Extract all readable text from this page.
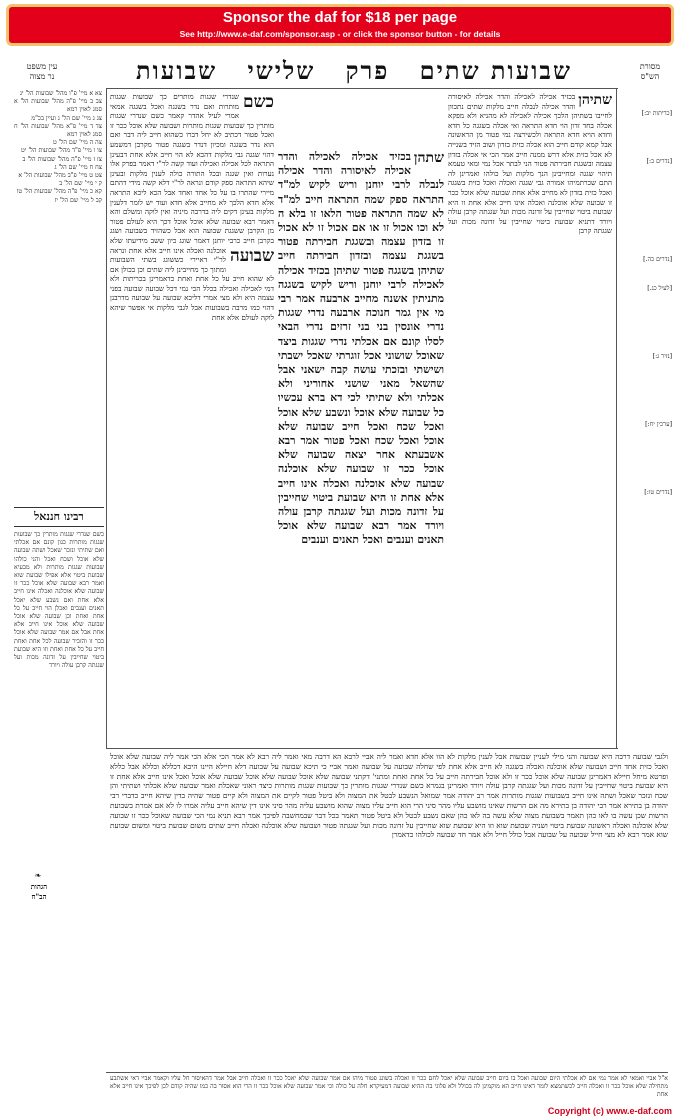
Sponsor the daf for $18 per page
See http://www.e-daf.com/sponsor.asp - or click the sponsor button - for details
שבועות שתים פרק שלישי שבועות
עין משפט
נר מצוה
מסורת
הש"ס
צא א מיי' פ"ו מהל' שבועות הל' יג
צב ב מיי' פ"ה מהל' שבועות הל' א סמג לאוין רמא
צג ג מיי' שם הל' ג ועיין בכ"מ
צד ד מיי' פ"א מהל' שבועות הל' ח סמג לאוין רמא
צה ה מיי' שם הל' ט
צו ו מיי' פ"ד מהל' שבועות הל' יט
צז ז מיי' פ"ה מהל' שבועות הל' ב
צח ח מיי' שם הל' ג
צט ט מיי' פ"ב מהל' שבועות הל' א
ק י מיי' שם הל' ב
קא כ מיי' פ"ה מהל' שבועות הל' טו
קב ל מיי' שם הל' יז
רבינו חננאל
כשם שנדרי שגגות מותרין כך שבועות שגגות מותרות כגון קונם אם אכלתי ואם שתיתי ונזכר שאכל ושתה שבועה שלא אוכל ושכח ואכל והני כולהו שבועות שגגות מותרות ולא מבעיא שבועת ביטוי אלא אפילו שבועת שוא ואמר רבא שבועה שלא אוכל ככר זו שבועה שלא אוכלנה ואכלה אינו חייב אלא אחת ואם נשבע שלא יאכל תאנים וענבים ואכלן הוי חייב על כל אחת ואחת וכן שבועה שלא אוכל שבועה שלא אוכל אינו חייב אלא אחת אבל אם אמר שבועה שלא אוכל ככר זו והזכיר שבועה לכל אחת ואחת חייב על כל אחת ואחת וזו היא שבועת ביטוי שחייבין על זדונה מכות ועל שגגתה קרבן עולה ויורד
כשם
שנדרי שגגות מותרים כך שבועות שגגות מותרות ואם נדר בשגגה ואכל בשגגה אמאי אמרי לעיל אהדר קאמר כשם שנדרי שגגות מותרין כך שבועות שגגות מותרות ושבועה שלא אוכל ככר זו ואכל פטור דכתיב לא יחל דברו כשהוא חייב ליה דבר ואם הוא נדר בשגגה ומכיון דנדר בשגגה פטור מקרבן דמשמע דהוי שגגה גבי מלקות דהכא לא הוי חייב אלא אחת דבעינן התראה לכל אכילה ואכילה ועוד קשה לר"י דאמר בפרק אלו נערות ואין שגגה ובכל התורה כולה לענין מלקות ובעינן שיהא התראה ספק קודם ונראה לר"י דלא קשה מידי דהתם מיירי שהתרו בו על כל אחד ואחד אבל הכא ליכא התראה אלא חדא הלכך לא מחייב אלא חדא ועוד יש לומר דלענין מלקות בעינן דקים ליה בדרבה מיניה ואין לוקה ומשלם והא דאמר רבא שבועה שלא אוכל אוכל דכך היא לעולם פטור מן הקרבן ששגגת שבועה הוא אבל כשהזיד בשבועה ושגג בקרבן חייב כרבי יוחנן דאמר שוגג כיון ששב מידיעתו
שבועה
שלא אוכלנה ואכלה אינו חייב אלא אחת ונראה לר"י דאיירי כששוגג בשתי השבועות ומתוך כך מחייבינן ליה שתים וכן בכולן אם לא שהוא חייב על כל אחת ואחת כדאמרינן בכריתות ולא דמי לאכילה ואכילה בכלל הכי נמי דכל שבועה שבועה בפני עצמה היא ולא מצי אמרי דליכא שבועה על שבועה מדרבנן דהוי כמו מרבה בשבועות אבל לגבי מלקות אי אפשר שיהא לוקה לעולם אלא אחת
שתהן
בכזיד אכילה לאכילה והדר אכילה לאיסורה והדר אכילה לנבלה לרבי יוחנן וריש לקיש למ"ד התראה ספק שמה התראה חייב למ"ד לא שמה התראה פטור הלאו זו בלא ה לא וכו אכול זו או אם אכול זו לא אכול זו בזדון עצמה ובשגגת חבירתה פטור בשגגת עצמה ובזדון חבירתה חייב שתיהן בשגגה פטור שתיהן בכזיד אכילה לאכילה לרבי יוחנן וריש לקיש בשגגה מתניתין אשנה מחייב ארבעה אמר רבי מי אין גמר חנוכה ארבעה נדרי שגגות נדרי אונסין בני בני זרזים נדרי הבאי לסלו קונם אם אכלתי נדרי שגגות ביצד שאוכל שושוני אכל זוגרתי שאכל ישבתי ושישתי ובזכתי עושה קבה ישאני אבל שהשאל מאני שושני אחוריני ולא אכלתי ולא שתיתי לכי דא ברא עכשיו כל שבועה שלא אוכל ונשבע שלא אוכל ואכל שכח ואכל חייב שבועה שלא אוכל ואכל שכח ואכל פטור אמר רבא אשבעתא אחר יצאה שבועה שלא אוכל ככר זו שבועה שלא אוכלנה שבועה שלא אוכלנה ואכלה אינו חייב אלא אחת זו היא שבועת ביטוי שחייבין על זדונה מכות ועל שגגתה קרבן עולה ויורד אמר רבא שבועה שלא אוכל תאנים וענבים ואכל תאנים וענבים
שתיהן
בכזיד אכילה לאכילה והדר אכילה לאיסורה והדר אכילה לנבלה חייב מלקות שתים נתכוון לחייבו בשתיהן הלכך אכילה לאכילה לא מהניא ולא מפקא אכלה בחד זדון הוי חדא התראה ואי אכלה בשגגה כל חדא וחדא הויא חדא התראה ולכשירצה נמי פטור מן הראשונה אבל קמא קודם חייב הוא אכלה כזית בזדון ושוב הזיד בשנייה לא אכל כזית אלא דרש ממנה חייב אמר הכי אי אכלה בזדון עצמה ובשגגת חבירתה פטור הני לבתר אכל נמי ומאי טעמא תיהוי שגגה ומחייבינן הנך מלקות ועל כולהו ואמרינן לה התם שכרתמיהו אמורה גבי שגגה ואכלה ואכל כזית בשגגה ואכל כזית בזדון לא מחייב אלא אחת שבועה שלא אוכל ככר זו שבועה שלא אוכלנה ואכלה אינו חייב אלא אחת זו היא שבועת ביטוי שחייבין על זדונה מכות ועל שגגתה קרבן עולה ויורד דתניא שבועת ביטוי שחייבין על זדונה מכות ועל שגגתה קרבן
[כריתות יב:]
[נדרים כ:]
[נדרים כה.]
[לעיל כג.]
[נזיר ג:]
[ערכין יח:]
[נדרים טו:]
❧
הגהות
הב"ח
ולגבי שבועה דרבה היא שבועה והני מילי לעניין שבועות אבל לענין מלקות לא הוו אלא חדא ואמר ליה אביי לרבא הא דרבה מאי ואמר ליה רבא לא אמר הכי אלא הכי אמר ליה שבועה שלא אוכל ואכל כזית אחד חייב ושבועה שלא אוכלנה ואכלה בשגגה לא חייב אלא אחת לפי שחלה שבועה על שבועה ואמר אביי כי תיכא שבועה על שבועה דלא חיילא היינו היכא דכללא וכללא אבל כללא ופרטא מיחל חיילא דאמרינן שבועה שלא אוכל ככר זו ולא אוכל חבירתה חייב על כל אחת ואחת ומתני' דקתני שבועה שלא אוכל שבועה שלא אוכל שבועה שלא אוכל ואכל אינו חייב אלא אחת זו היא שבועת ביטוי שחייבין על זדונה מכות ועל שגגתה קרבן עולה ויורד ואמרינן בגמרא כשם שנדרי שגגות מותרין כך שבועות שגגות מותרות כיצד ראוני שאכלת ואמר שבועה שלא אכלתי ושתיתי והן שכח ונזכר שאכל ושתה אינו חייב בשבועות שגגות מותרות אמר רב יהודה אמר שמואל הנשבע לבטל את המצוה ולא ביטל פטור לקיים את המצוה ולא קיים פטור שהיה בדין שיהא חייב כדברי רבי יהודה בן בתירא אמר רבי יהודה בן בתירא מה אם הרשות שאינו מושבע עליו מהר סיני הרי הוא חייב עליו מצוה שהוא מושבע עליה מהר סיני אינו דין שיהא חייב עליה אמרו לו לא אם אמרת בשבועת הרשות שכן עשה בו לאו כהן תאמר בשבועת מצוה שלא עשה בה לאו כהן שאם נשבע לבטל ולא ביטל פטור תאמר בכל דבר שבמחשבה לפיכך אמר רבא תניא נמי הכי שבועה שאוכל ככר זו שבועה שלא אוכלנה ואכלה ראשונה שבועת ביטוי ושניה שבועת שוא וזו היא שבועת שוא שחייבין על זדונה מכות ועל שגגתה פטור ושבועה שלא אוכלנה ואכלה חייב שתים משום שבועת ביטוי ומשום שבועת שוא אמר רבא לא מצי חייל שבועה על שבועה אבל כולל חייל ולא אמר חד שבועה לכולהו כדאמרן
א"ל אביי ואמאי לא אמר נמי אם לא אכלתי היום שבועה ואכל בו ביום חייב שבועה שלא יאכל לחם ככר זו ואכלה בשוגג פטור מיהו אם אמר שבועה שלא יאכל ככר זו ואכלה חייב אבל אמר דהאיסור חל עליו וקאמר אביי דאי אשתבע מתחילה שלא אוכל ככר זו ואכלה חייב לכשתמצא לומר דאינו חייב הא מוקמינן לה בכולל ולא פלוגי בה ההיא שבועה דמעיקרא חלה על כולה וכי אמר שבועה שלא אוכל ככר זו הרי הוא אסור בה כמו שהיה קודם לכן לפיכך אינו חייב אלא אחת
Copyright (c) www.e-daf.com
